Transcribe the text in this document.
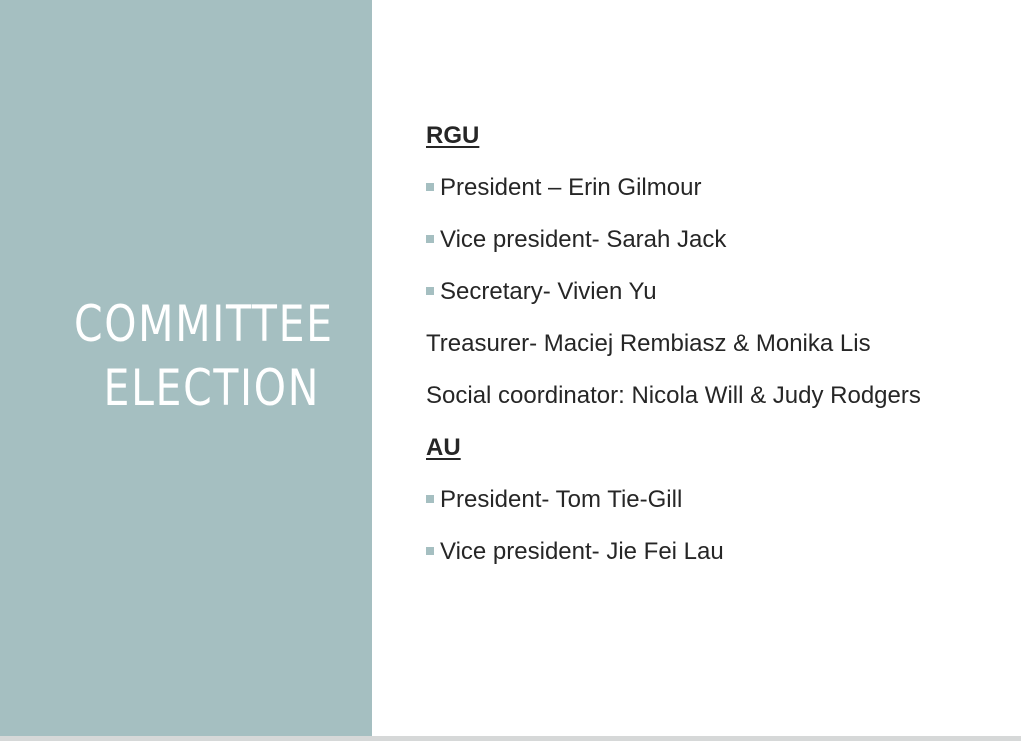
COMMITTEE
ELECTION
RGU
President – Erin Gilmour
Vice president- Sarah Jack
Secretary- Vivien Yu
Treasurer- Maciej Rembiasz & Monika Lis
Social coordinator: Nicola Will & Judy Rodgers
AU
President- Tom Tie-Gill
Vice president- Jie Fei Lau
